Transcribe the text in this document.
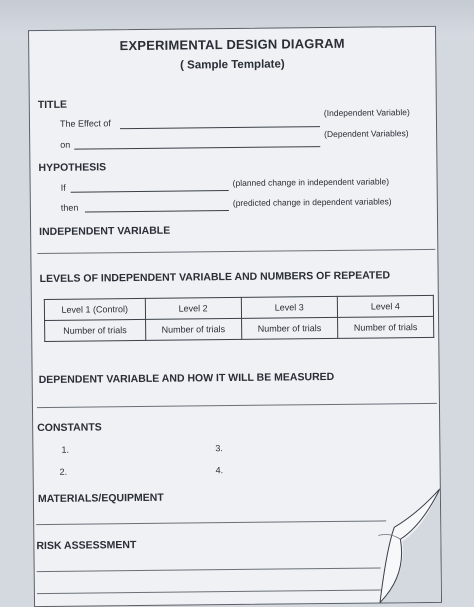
EXPERIMENTAL DESIGN DIAGRAM
( Sample Template)
TITLE
The Effect of
(Independent Variable)
on
(Dependent Variables)
HYPOTHESIS
If	(planned change in independent variable)
then	(predicted change in dependent variables)
INDEPENDENT VARIABLE
LEVELS OF INDEPENDENT VARIABLE AND NUMBERS OF REPEATED
Level 1 (Control)	Level 2	Level 3	Level 4
Number of trials	Number of trials	Number of trials	Number of trials
DEPENDENT VARIABLE AND HOW IT WILL BE MEASURED
CONSTANTS
1.
2.
3.
4.
MATERIALS/EQUIPMENT
RISK ASSESSMENT
